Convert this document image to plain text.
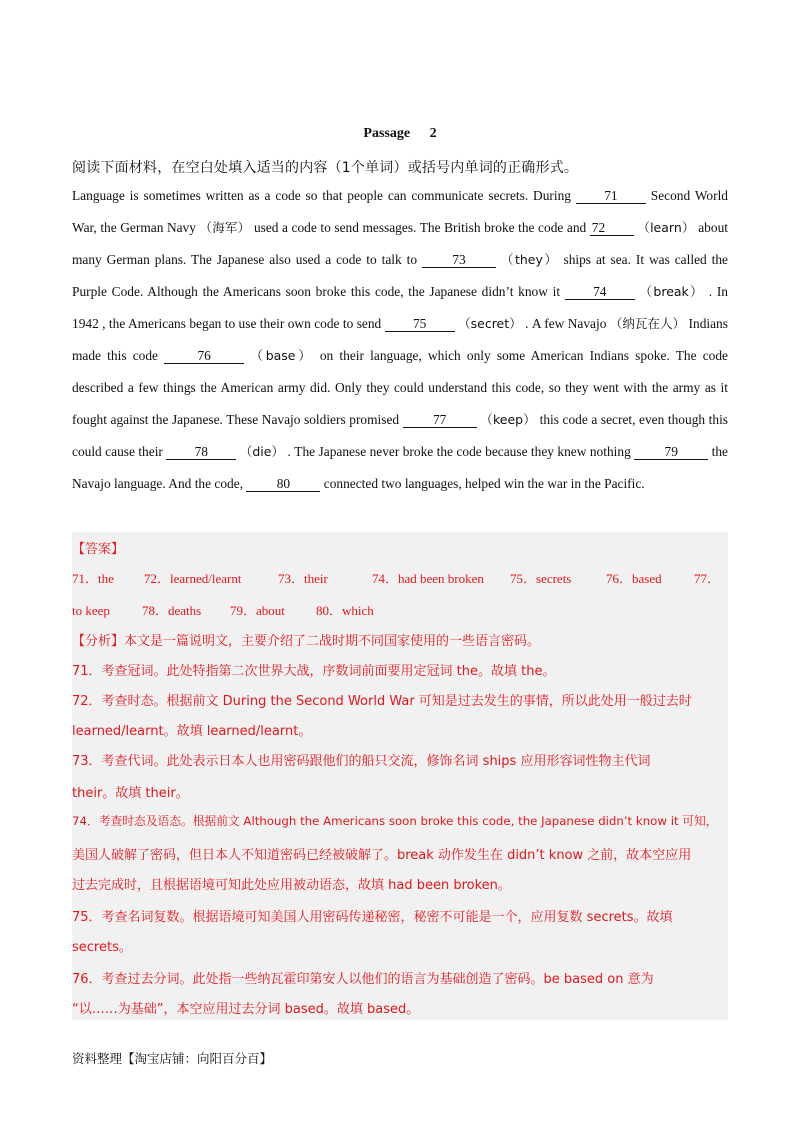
Passage 2
阅读下面材料，在空白处填入适当的内容（1个单词）或括号内单词的正确形式。
Language is sometimes written as a code so that people can communicate secrets. During 71 Second World War, the German Navy （海军） used a code to send messages. The British broke the code and 72	（learn） about many German plans. The Japanese also used a code to talk to 73	（they） ships at sea. It was called the Purple Code. Although the Americans soon broke this code, the Japanese didn’t know it 74	（break） . In 1942 , the Americans began to use their own code to send 75	（secret） . A few Navajo （纳瓦在人） Indians made this code 76	（base） on their language, which only some American Indians spoke. The code described a few things the American army did. Only they could understand this code, so they went with the army as it fought against the Japanese. These Navajo soldiers promised 77	（keep） this code a secret, even though this could cause their 78	（die） . The Japanese never broke the code because they knew nothing 79	the Navajo language. And the code, 80	connected two languages, helped win the war in the Pacific.
【答案】
71．the 72．learned/learnt	73．their	74．had been broken 75．secrets	76．based 77．
to keep 78．deaths 79．about 80．which
【分析】本文是一篇说明文，主要介绍了二战时期不同国家使用的一些语言密码。
71．考查冠词。此处特指第二次世界大战，序数词前面要用定冠词 the。故填 the。
72．考查时态。根据前文 During the Second World War 可知是过去发生的事情，所以此处用一般过去时
learned/learnt。故填 learned/learnt。
73．考查代词。此处表示日本人也用密码跟他们的船只交流，修饰名词 ships 应用形容词性物主代词
their。故填 their。
74．考查时态及语态。根据前文 Although the Americans soon broke this code, the Japanese didn’t know it 可知，
美国人破解了密码，但日本人不知道密码已经被破解了。break 动作发生在 didn’t know 之前，故本空应用
过去完成时，且根据语境可知此处应用被动语态，故填 had been broken。
75．考查名词复数。根据语境可知美国人用密码传递秘密，秘密不可能是一个，应用复数 secrets。故填
secrets。
76．考查过去分词。此处指一些纳瓦霍印第安人以他们的语言为基础创造了密码。be based on 意为
“以……为基础”，本空应用过去分词 based。故填 based。
资料整理【淘宝店铺：向阳百分百】
